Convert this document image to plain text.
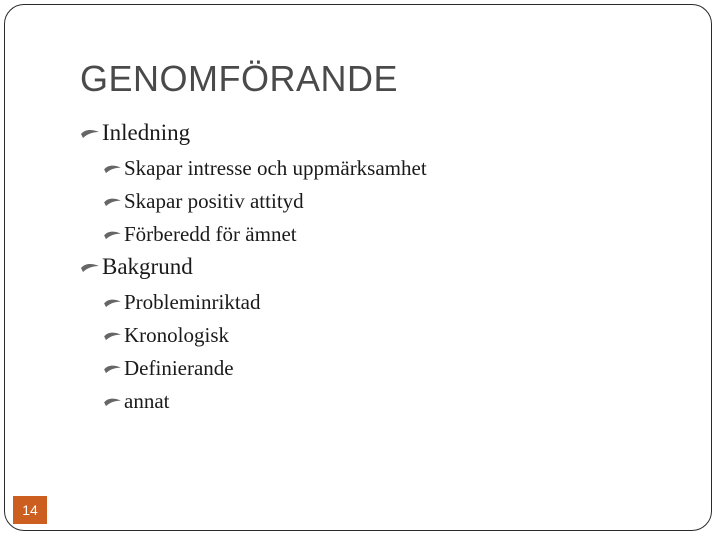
GENOMFÖRANDE
Inledning
Skapar intresse och uppmärksamhet
Skapar positiv attityd
Förberedd för ämnet
Bakgrund
Probleminriktad
Kronologisk
Definierande
annat
14
